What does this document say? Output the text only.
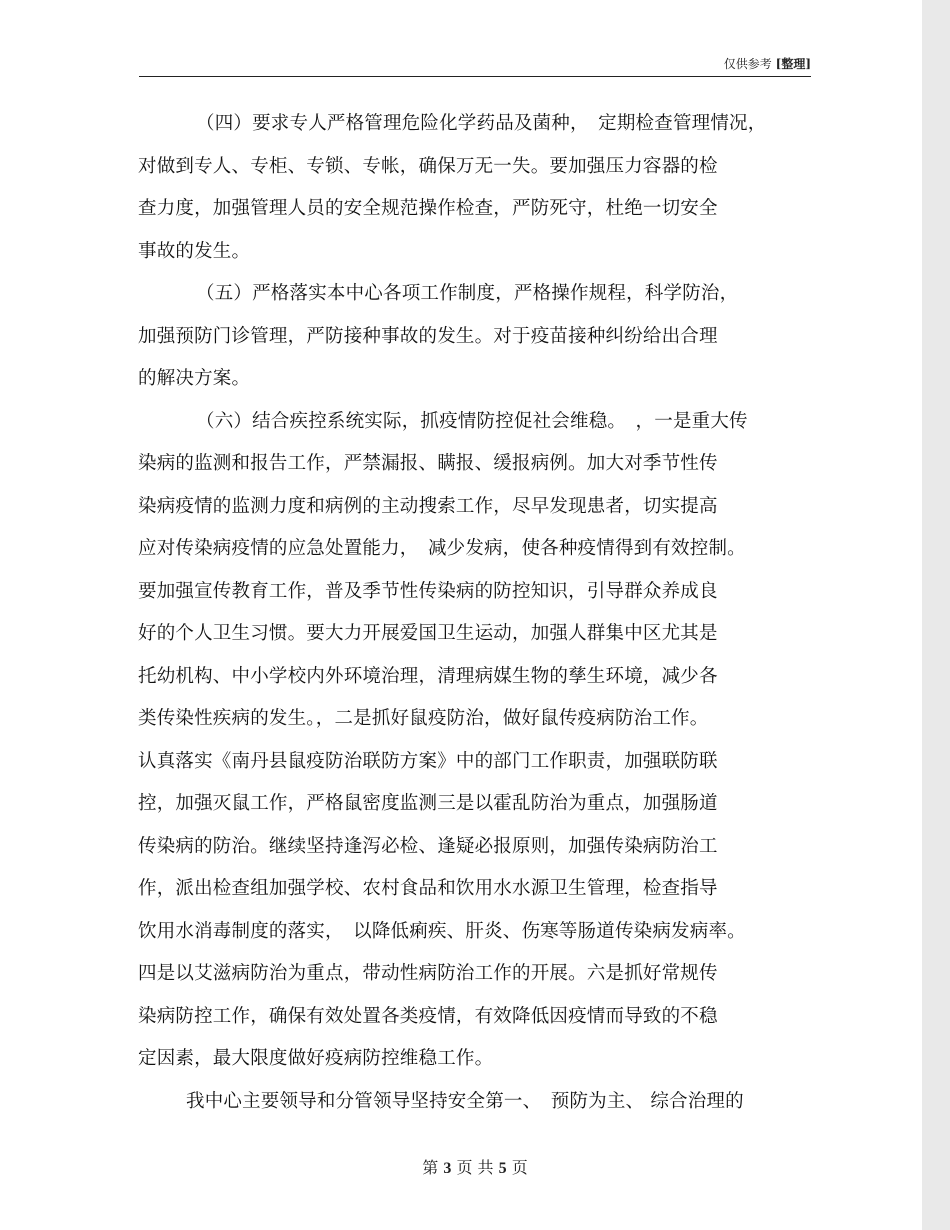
仅供参考 [整理]
（四）要求专人严格管理危险化学药品及菌种，　定期检查管理情况，
对做到专人、专柜、专锁、专帐，确保万无一失。要加强压力容器的检
查力度，加强管理人员的安全规范操作检查，严防死守，杜绝一切安全
事故的发生。
（五）严格落实本中心各项工作制度，严格操作规程，科学防治，
加强预防门诊管理，严防接种事故的发生。对于疫苗接种纠纷给出合理
的解决方案。
（六）结合疾控系统实际，抓疫情防控促社会维稳。　，一是重大传
染病的监测和报告工作，严禁漏报、瞒报、缓报病例。加大对季节性传
染病疫情的监测力度和病例的主动搜索工作，尽早发现患者，切实提高
应对传染病疫情的应急处置能力，　减少发病，使各种疫情得到有效控制。
要加强宣传教育工作，普及季节性传染病的防控知识，引导群众养成良
好的个人卫生习惯。要大力开展爱国卫生运动，加强人群集中区尤其是
托幼机构、中小学校内外环境治理，清理病媒生物的孳生环境，减少各
类传染性疾病的发生。，二是抓好鼠疫防治，做好鼠传疫病防治工作。
认真落实《南丹县鼠疫防治联防方案》中的部门工作职责，加强联防联
控，加强灭鼠工作，严格鼠密度监测三是以霍乱防治为重点，加强肠道
传染病的防治。继续坚持逢泻必检、逢疑必报原则，加强传染病防治工
作，派出检查组加强学校、农村食品和饮用水水源卫生管理，检查指导
饮用水消毒制度的落实，　以降低痢疾、肝炎、伤寒等肠道传染病发病率。
四是以艾滋病防治为重点，带动性病防治工作的开展。六是抓好常规传
染病防控工作，确保有效处置各类疫情，有效降低因疫情而导致的不稳
定因素，最大限度做好疫病防控维稳工作。
我中心主要领导和分管领导坚持安全第一、　预防为主、 综合治理的
第 3 页 共 5 页
